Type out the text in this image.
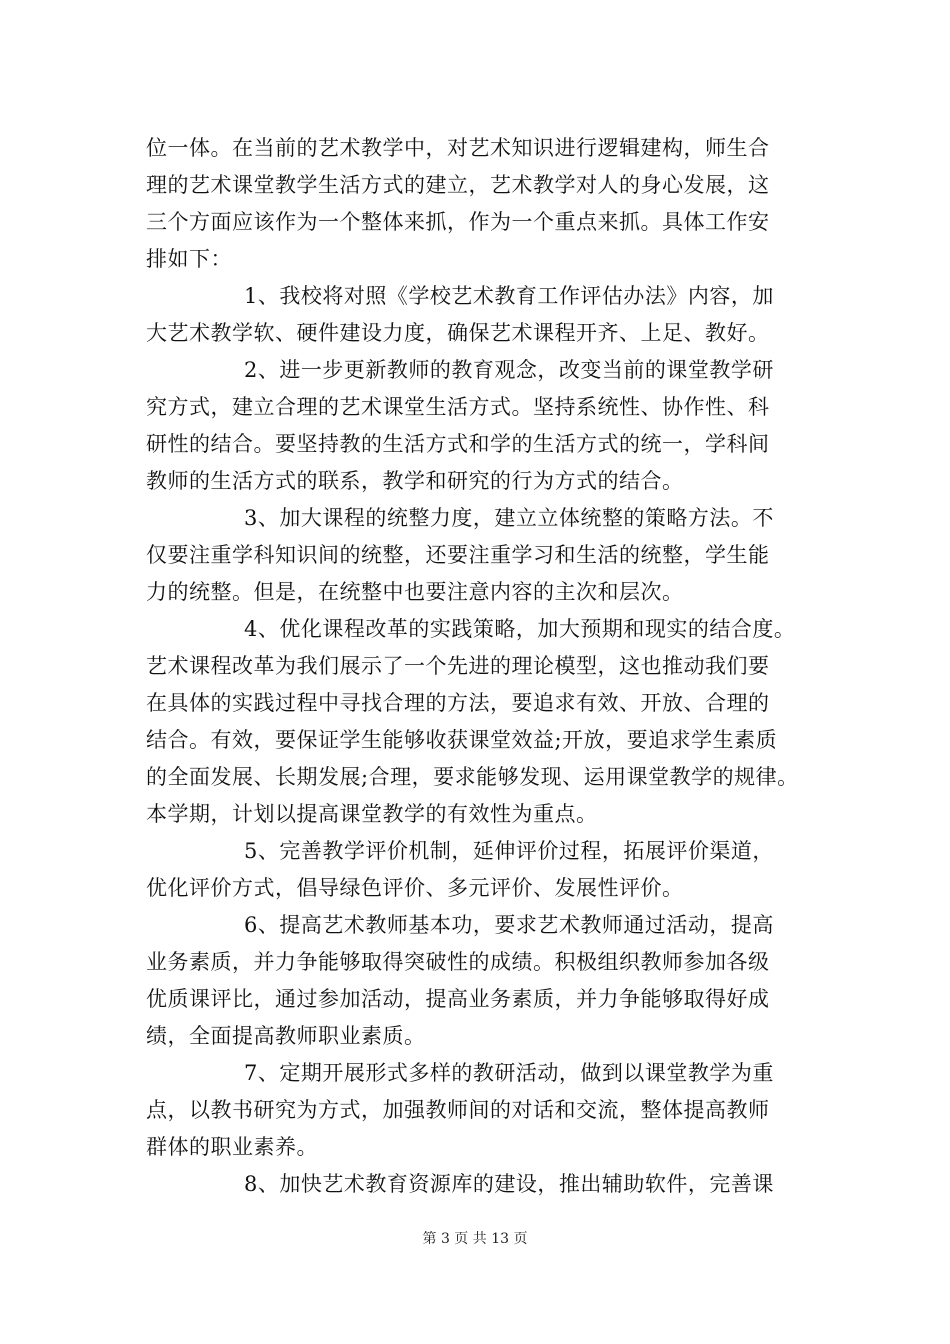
位一体。在当前的艺术教学中，对艺术知识进行逻辑建构，师生合
理的艺术课堂教学生活方式的建立，艺术教学对人的身心发展，这
三个方面应该作为一个整体来抓，作为一个重点来抓。具体工作安
排如下：
1、我校将对照《学校艺术教育工作评估办法》内容，加
大艺术教学软、硬件建设力度，确保艺术课程开齐、上足、教好。
2、进一步更新教师的教育观念，改变当前的课堂教学研
究方式，建立合理的艺术课堂生活方式。坚持系统性、协作性、科
研性的结合。要坚持教的生活方式和学的生活方式的统一，学科间
教师的生活方式的联系，教学和研究的行为方式的结合。
3、加大课程的统整力度，建立立体统整的策略方法。不
仅要注重学科知识间的统整，还要注重学习和生活的统整，学生能
力的统整。但是，在统整中也要注意内容的主次和层次。
4、优化课程改革的实践策略，加大预期和现实的结合度。
艺术课程改革为我们展示了一个先进的理论模型，这也推动我们要
在具体的实践过程中寻找合理的方法，要追求有效、开放、合理的
结合。有效，要保证学生能够收获课堂效益;开放，要追求学生素质
的全面发展、长期发展;合理，要求能够发现、运用课堂教学的规律。
本学期，计划以提高课堂教学的有效性为重点。
5、完善教学评价机制，延伸评价过程，拓展评价渠道，
优化评价方式，倡导绿色评价、多元评价、发展性评价。
6、提高艺术教师基本功，要求艺术教师通过活动，提高
业务素质，并力争能够取得突破性的成绩。积极组织教师参加各级
优质课评比，通过参加活动，提高业务素质，并力争能够取得好成
绩，全面提高教师职业素质。
7、定期开展形式多样的教研活动，做到以课堂教学为重
点，以教书研究为方式，加强教师间的对话和交流，整体提高教师
群体的职业素养。
8、加快艺术教育资源库的建设，推出辅助软件，完善课
第 3 页 共 13 页
